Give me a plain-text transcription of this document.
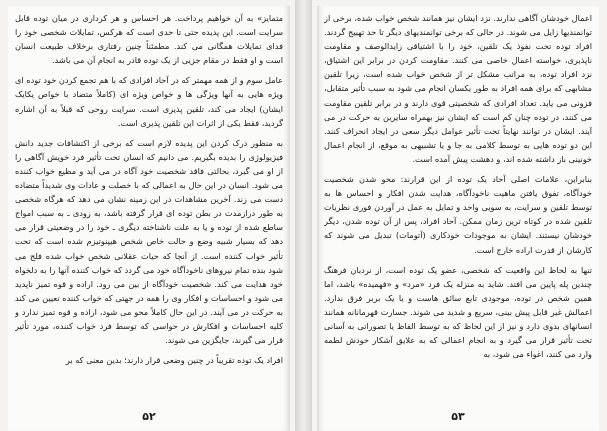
متمایز» به آن خواهیم پرداخت. هر احساس و هر کرداری در میان توده قابل سرایت است. این پدیده حتی تا حدی است که هرکس، تمایلات شخصی خود را فدای تمایلات همگانی می کند. مطمئناً چنین رفتاری برخلاف طبیعت انسان است و او فقط در مقام جزیی از یک توده قادر به انجام آن می باشد.

عامل سوم و از همه مهمتر که در آحاد افرادی که با هم تجمع کردن خود توده ای ویژه هایی به آنها ویژگی ها و خواص ویژه ای (کاملاً متضاد با خواص یکایک ایشان) ایجاد می کند، تلقین پذیری است. سرایت روحی که قبلاً به آن اشاره گردید، فقط یکی از اثرات این تلقین پذیری است.

به منظور درک کردن این پدیده لازم است که برخی از اکتشافات جدید دانش فیزیولوژی را بدیده بگیریم. می دانیم که انسان تحت تأثیر فرد خویش آگاهی را از او می گیرد، بحالتی فاقد شخصیت خود آگاه در می آید و مطیع خواب کننده می شود. انسان در این حال به اعمالی که با خصلت و عادات وی شدیداً متضاده دست می زند. آخرین مشاهدات در این زمینه نشان می دهد که هرگاه شخصی به طور درازمدت در بطن توده ای قرار گرفته باشد، به زودی ـ به سبب امواج ساطع شده از توده و یا به علت ناشناخته دیگری ـ خود را در وضعیتی قرار می دهد که بسیار شبیه وضع و حالت خاص شخص هیپنوتیزم شده است که تحت تأثیر خواب کننده است. از آنجا که حیات عقلانی شخص خواب شده فلج می شود بنده تمام نیروهای ناخودآگاه خود می گردد که خواب کننده آنها را به دلخواه خود هدایت می کند. شخصیت خودآگاه از بین می رود. اراده و قوه تمیز ناپدید می شود و احساسات و افکار وی را همه در جهتی که خواب کننده تعیین می کند به حرکت در می آیند. در این حال کاملاً محو می شود، اراده و قوه تمیز ندارد و کلیه احساسات و افکارش در حواسی که توسط فرد خواب کننده، مورد تأثیر قرار می گیرند، جایگزین می شوند.

افراد یک توده تقریباً در چنین وضعی قرار دارند؛ بدین معنی که بر

۵۲

اعمال خودشان آگاهی ندارند. نزد ایشان نیز همانند شخص خواب شده، برخی از توانمندیها زایل می شوند. در حالی که برخی توانمندیهای دیگر تا حد تهییج گردند. افراد توده تحت نفوذ یک تلقین، خود را با اشتیاقی زایدالوصف و مقاومت ناپذیری، خواسته اعمال خاصی می کنند. مقاومت کردن در برابر این اشتیاق، نزد افراد توده، به مراتب مشکل تر از شخص خواب شده است، زیرا تلقین مشابهی که برای همه افراد به طور یکسان انجام می شود به سبب تأثیر متقابل، فزونی می یابد. تعداد افرادی که شخصیتی قوی دارند و در برابر تلقین مقاومت می کنند، در توده چنان کم است که ایشان نیز بهمراه سایرین به حرکت در می آیند. ایشان در توانند نهایتاً تحت تأثیر عوامل دیگر سعی در ایجاد انحراف کنند. این دو توده هایی به توسط کلامی به جا و یا تشبیهی به موقع، از انجام اعمال خونینی باز داشته شده اند، و دهشت پیش آمده است.

بنابراین، علامات اصلی آحاد یک توده از این قرارند: محو شدن شخصیت خودآگاه، تفوق یافتن ماهیت ناخودآگاه، هدایت شدن افکار و احساس ها به توسط تلقین و سرایت، به سویی واحد و تمایل به عمل در آوردن فوری نظریات تلقین شده در کوتاه ترین زمان ممکن. آحاد افراد، پس از آن توده شدن، دیگر خودشان نیستند. ایشان به موجودات خودکاری (آتومات) تبدیل می شوند که کارشان از قدرت اراده خارج است.

تنها به لحاظ این واقعیت که شخصی، عضو یک توده است، از نردبان فرهنگ چندین پله پایین می افتد. شاید به منزله یک فرد «مرد» و «فهمیده» باشد، اما همین شخص در توده، موجودی تابع سائق هاست و یا یک بربر فرق ندارد. اعمالش غیر قابل پیش بینی، سریع و شدید می شوند. جسارت قهرمانانه همانند انسانهای بدوی دارد و نیز از این لحاظ که به توسط الفاظ یا تصوراتی به آسانی تحت تأثیر قرار می گیرد و به انجام اعمالی که به علایق آشکار خودش لطمه وارد می کنند، اغواء می شود، به

۵۳
